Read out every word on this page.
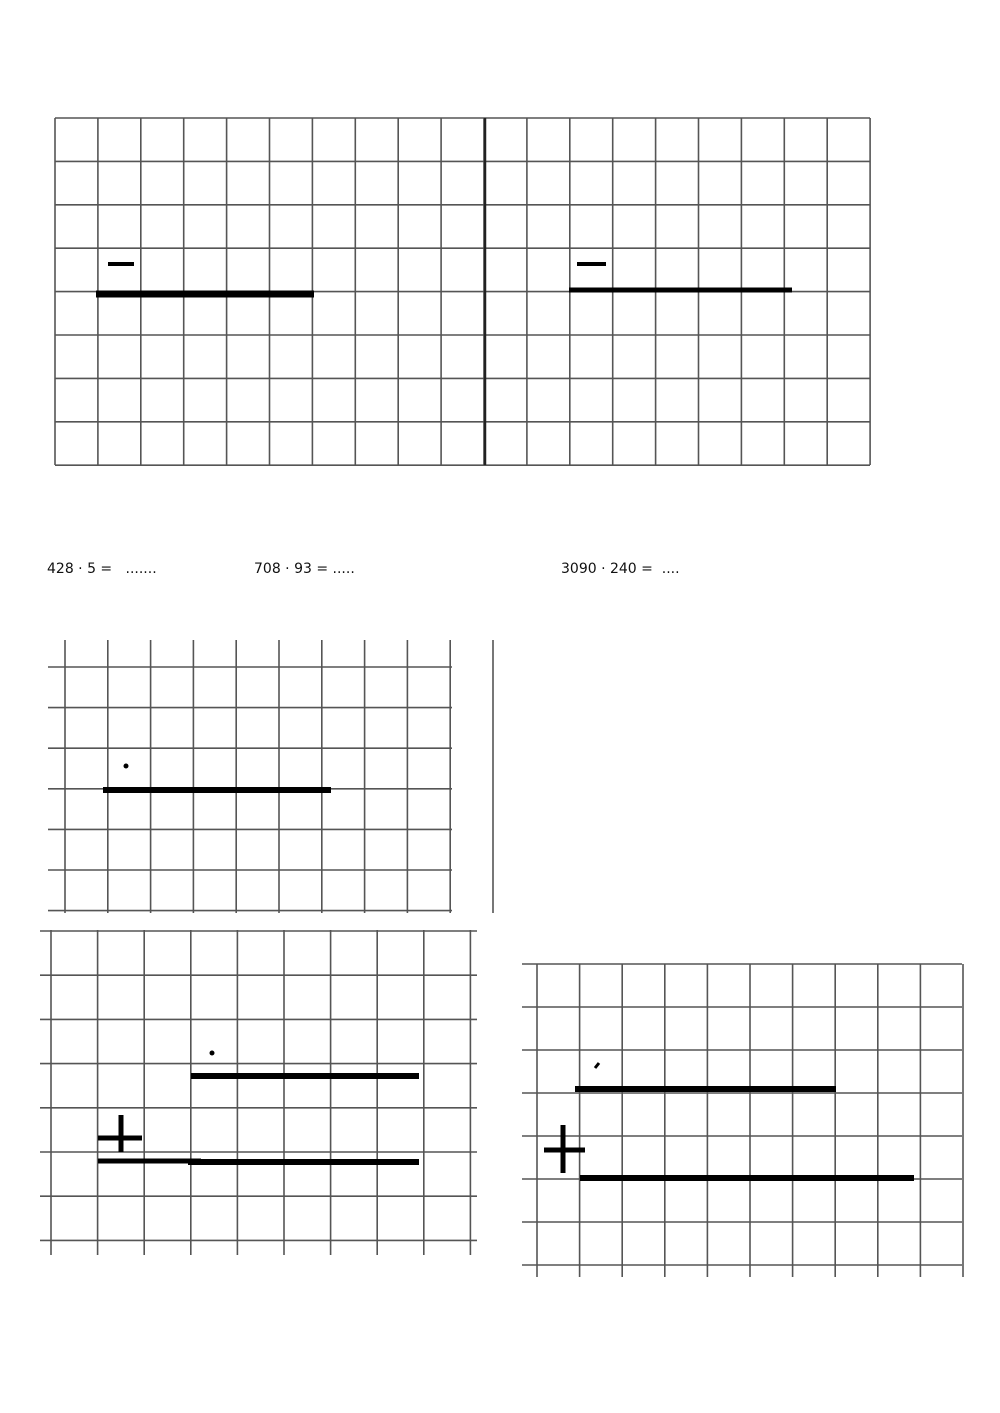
428 · 5 =   .......	708 · 93 = .....	3090 · 240 =  ....
